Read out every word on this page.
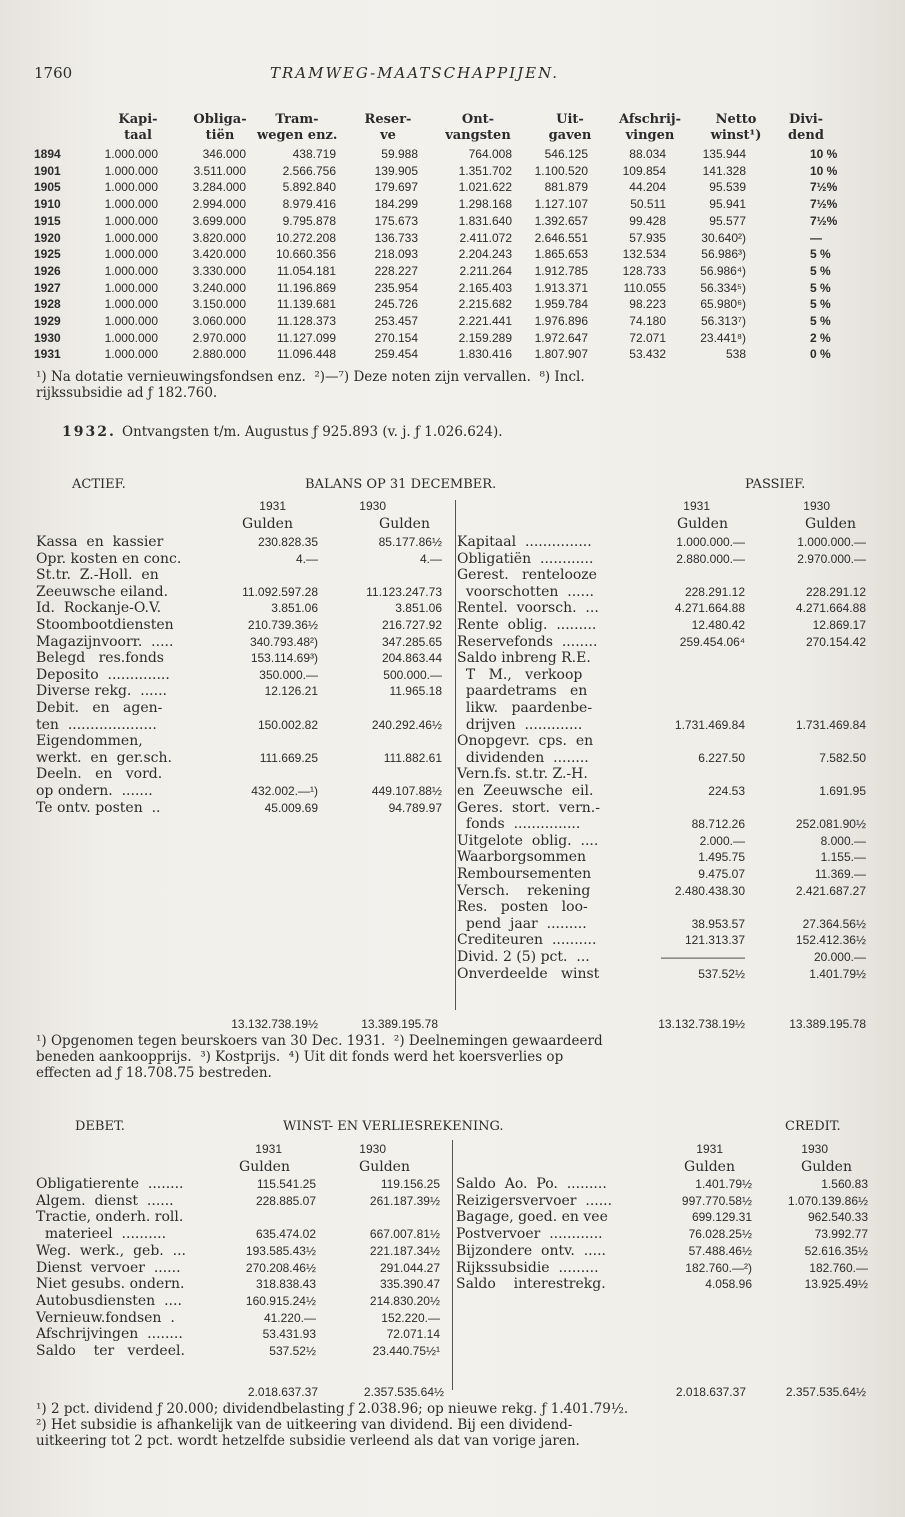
1760	TRAMWEG-MAATSCHAPPIJEN.
Kapi-
taal
Obliga-
tiën
Tram-
wegen enz.
Reser-
ve
Ont-
vangsten
Uit-
gaven
Afschrij-
vingen
Netto
winst¹)
Divi-
dend
1894	1.000.000	346.000	438.719	59.988	764.008	546.125	88.034	135.944	10 %
1901	1.000.000	3.511.000	2.566.756	139.905	1.351.702 1.100.520	109.854	141.328	10 %
1905	1.000.000	3.284.000	5.892.840	179.697	1.021.622	881.879	44.204	95.539	7½%
1910	1.000.000	2.994.000	8.979.416	184.299	1.298.168 1.127.107	50.511	95.941	7½%
1915	1.000.000	3.699.000	9.795.878	175.673	1.831.640 1.392.657	99.428	95.577	7½%
1920	1.000.000	3.820.000 10.272.208	136.733	2.411.072 2.646.551	57.935	30.640²)	—
1925	1.000.000	3.420.000 10.660.356	218.093	2.204.243 1.865.653	132.534	56.986³)	5 %
1926	1.000.000	3.330.000	11.054.181	228.227	2.211.264 1.912.785	128.733	56.986⁴)	5 %
1927	1.000.000	3.240.000	11.196.869	235.954	2.165.403 1.913.371	110.055	56.334⁵)	5 %
1928	1.000.000	3.150.000	11.139.681	245.726	2.215.682 1.959.784	98.223	65.980⁶)	5 %
1929	1.000.000	3.060.000	11.128.373	253.457	2.221.441 1.976.896	74.180	56.313⁷)	5 %
1930	1.000.000	2.970.000	11.127.099	270.154	2.159.289 1.972.647	72.071	23.441⁸)	2 %
1931	1.000.000	2.880.000	11.096.448	259.454	1.830.416 1.807.907	53.432	538	0 %
¹) Na dotatie vernieuwingsfondsen enz.  ²)—⁷) Deze noten zijn vervallen.  ⁸) Incl.
rijkssubsidie ad ƒ 182.760.
1932. Ontvangsten t/m. Augustus ƒ 925.893 (v. j. ƒ 1.026.624).
ACTIEF.	BALANS OP 31 DECEMBER.	PASSIEF.
1931	1930
Gulden	Gulden
1931	1930
Gulden	Gulden
Kassa  en  kassier	230.828.35	85.177.86½
Opr. kosten en conc.	4.—	4.—
St.tr.  Z.-Holl.  en
Zeeuwsche eiland.	11.092.597.28	11.123.247.73
Id.  Rockanje-O.V.	3.851.06	3.851.06
Stoombootdiensten	210.739.36½	216.727.92
Magazijnvoorr.  .....	340.793.48²)	347.285.65
Belegd   res.fonds	153.114.69³)	204.863.44
Deposito  ..............	350.000.—	500.000.—
Diverse rekg.  ......	12.126.21	11.965.18
Debit.   en   agen-
ten  ....................	150.002.82	240.292.46½
Eigendommen,
werkt.  en  ger.sch.	111.669.25	111.882.61
Deeln.   en   vord.
op ondern.  .......	432.002.—¹)	449.107.88½
Te ontv. posten  ..	45.009.69	94.789.97
Kapitaal  ...............	1.000.000.—	1.000.000.—
Obligatiën  ............	2.880.000.—	2.970.000.—
Gerest.   rentelooze
voorschotten  ......	228.291.12	228.291.12
Rentel.  voorsch.  ...	4.271.664.88	4.271.664.88
Rente  oblig.  .........	12.480.42	12.869.17
Reservefonds  ........	259.454.06⁴	270.154.42
Saldo inbreng R.E.
T   M.,   verkoop
paardetrams   en
likw.   paardenbe-
drijven  .............	1.731.469.84	1.731.469.84
Onopgevr.  cps.  en
dividenden  ........	6.227.50	7.582.50
Vern.fs. st.tr. Z.-H.
en  Zeeuwsche  eil.	224.53	1.691.95
Geres.  stort.  vern.-
fonds  ...............	88.712.26	252.081.90½
Uitgelote  oblig.  ....	2.000.—	8.000.—
Waarborgsommen	1.495.75	1.155.—
Remboursementen	9.475.07	11.369.—
Versch.    rekening	2.480.438.30	2.421.687.27
Res.   posten   loo-
pend  jaar  .........	38.953.57	27.364.56½
Crediteuren  ..........	121.313.37	152.412.36½
Divid. 2 (5) pct.  ...	———————	20.000.—
Onverdeelde   winst	537.52½	1.401.79½
13.132.738.19½	13.389.195.78	13.132.738.19½	13.389.195.78
¹) Opgenomen tegen beurskoers van 30 Dec. 1931.  ²) Deelnemingen gewaardeerd
beneden aankoopprijs.  ³) Kostprijs.  ⁴) Uit dit fonds werd het koersverlies op
effecten ad ƒ 18.708.75 bestreden.
DEBET.	WINST- EN VERLIESREKENING.	CREDIT.
1931	1930
Gulden	Gulden
1931	1930
Gulden	Gulden
Obligatierente  ........	115.541.25	119.156.25
Algem.  dienst  ......	228.885.07	261.187.39½
Tractie, onderh. roll.
materieel  ..........	635.474.02	667.007.81½
Weg.  werk.,  geb.  ...	193.585.43½	221.187.34½
Dienst  vervoer  ......	270.208.46½	291.044.27
Niet gesubs. ondern.	318.838.43	335.390.47
Autobusdiensten  ....	160.915.24½	214.830.20½
Vernieuw.fondsen  .	41.220.—	152.220.—
Afschrijvingen  ........	53.431.93	72.071.14
Saldo    ter   verdeel.	537.52½	23.440.75½¹
Saldo  Ao.  Po.  .........	1.401.79½	1.560.83
Reizigersvervoer  ......	997.770.58½	1.070.139.86½
Bagage, goed. en vee	699.129.31	962.540.33
Postvervoer  ............	76.028.25½	73.992.77
Bijzondere  ontv.  .....	57.488.46½	52.616.35½
Rijkssubsidie  .........	182.760.—²)	182.760.—
Saldo    interestrekg.	4.058.96	13.925.49½
2.018.637.37	2.357.535.64½	2.018.637.37	2.357.535.64½
¹) 2 pct. dividend ƒ 20.000; dividendbelasting ƒ 2.038.96; op nieuwe rekg. ƒ 1.401.79½.
²) Het subsidie is afhankelijk van de uitkeering van dividend. Bij een dividend-
uitkeering tot 2 pct. wordt hetzelfde subsidie verleend als dat van vorige jaren.
